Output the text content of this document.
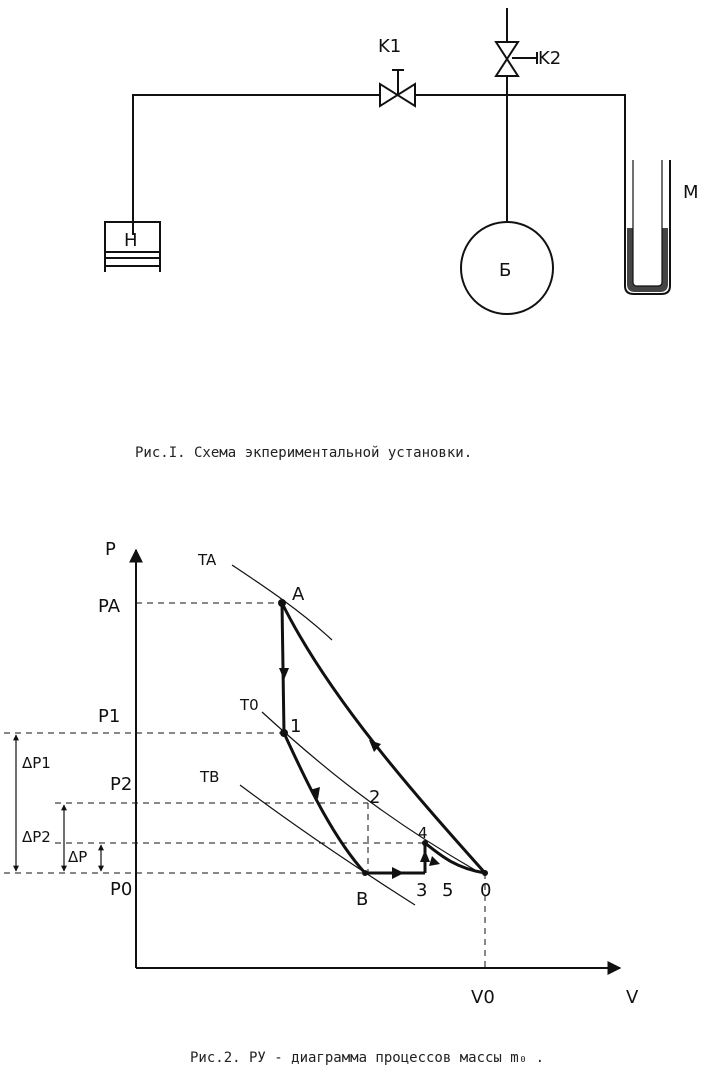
K1
K2
Б
H
M
Рис.I. Схема экпериментальной установки.
P
V
PA
P1
P2
P0
V0
ΔP1
ΔP2
ΔP
TA
T0
TB
A
1
2
4
B	3 5 0
Рис.2. PУ - диаграмма процессов массы m₀ .
